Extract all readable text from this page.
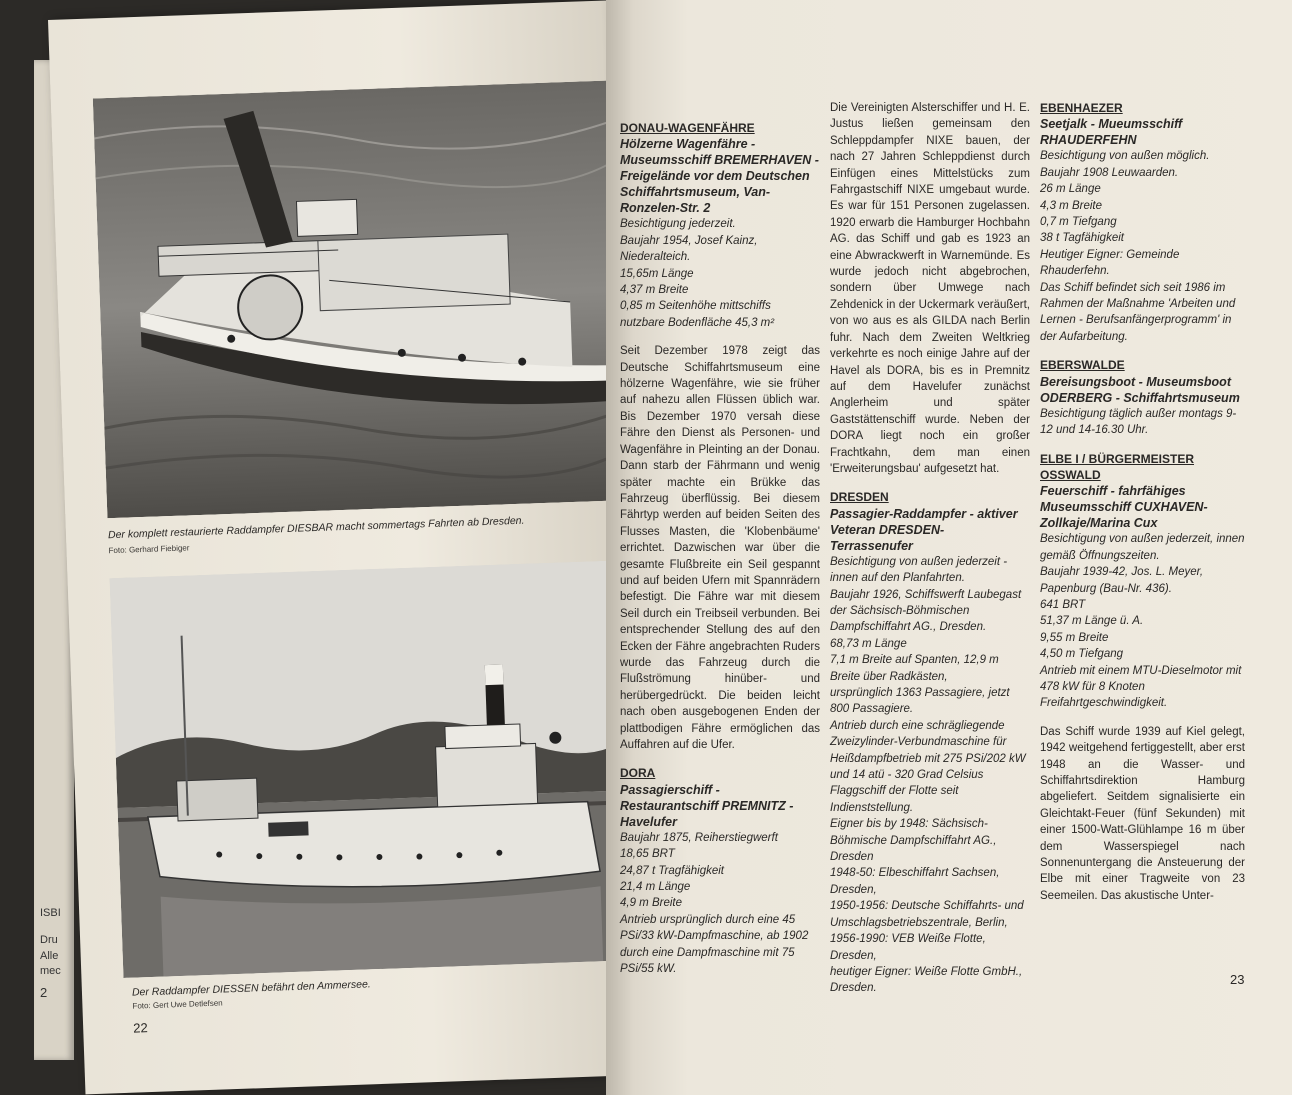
ISBI
Dru
Alle
mec
2
Der komplett restaurierte Raddampfer DIESBAR macht sommertags Fahrten ab Dresden.
Foto: Gerhard Fiebiger
Der Raddampfer DIESSEN befährt den Ammersee.
Foto: Gert Uwe Detlefsen
22

DONAU-WAGENFÄHRE

Hölzerne Wagenfähre - Museumsschiff BREMERHAVEN - Freigelände vor dem Deutschen Schiffahrtsmuseum, Van-Ronzelen-Str. 2

Besichtigung jederzeit.

Baujahr 1954, Josef Kainz, Niederalteich.

15,65m Länge

4,37 m Breite

0,85 m Seitenhöhe mittschiffs

nutzbare Bodenfläche 45,3 m²

Seit Dezember 1978 zeigt das Deutsche Schiffahrtsmuseum eine hölzerne Wagenfähre, wie sie früher auf nahezu allen Flüssen üblich war. Bis Dezember 1970 versah diese Fähre den Dienst als Personen- und Wagenfähre in Pleinting an der Donau. Dann starb der Fährmann und wenig später machte ein Brükke das Fahrzeug überflüssig. Bei diesem Fährtyp werden auf beiden Seiten des Flusses Masten, die 'Klobenbäume' errichtet. Dazwischen war über die gesamte Flußbreite ein Seil gespannt und auf beiden Ufern mit Spannrädern befestigt. Die Fähre war mit diesem Seil durch ein Treibseil verbunden. Bei entsprechender Stellung des auf den Ecken der Fähre angebrachten Ruders wurde das Fahrzeug durch die Flußströmung hinüber- und herübergedrückt. Die beiden leicht nach oben ausgebogenen Enden der plattbodigen Fähre ermöglichen das Auffahren auf die Ufer.

DORA

Passagierschiff - Restaurantschiff PREMNITZ - Havelufer

Baujahr 1875, Reiherstiegwerft

18,65 BRT

24,87 t Tragfähigkeit

21,4 m Länge

4,9 m Breite

Antrieb ursprünglich durch eine 45 PSi/33 kW-Dampfmaschine, ab 1902 durch eine Dampfmaschine mit 75 PSi/55 kW.

Die Vereinigten Alsterschiffer und H. E. Justus ließen gemeinsam den Schleppdampfer NIXE bauen, der nach 27 Jahren Schleppdienst durch Einfügen eines Mittelstücks zum Fahrgastschiff NIXE umgebaut wurde. Es war für 151 Personen zugelassen. 1920 erwarb die Hamburger Hochbahn AG. das Schiff und gab es 1923 an eine Abwrackwerft in Warnemünde. Es wurde jedoch nicht abgebrochen, sondern über Umwege nach Zehdenick in der Uckermark veräußert, von wo aus es als GILDA nach Berlin fuhr. Nach dem Zweiten Weltkrieg verkehrte es noch einige Jahre auf der Havel als DORA, bis es in Premnitz auf dem Havelufer zunächst Anglerheim und später Gaststättenschiff wurde. Neben der DORA liegt noch ein großer Frachtkahn, dem man einen 'Erweiterungsbau' aufgesetzt hat.

DRESDEN

Passagier-Raddampfer - aktiver Veteran DRESDEN- Terrassenufer

Besichtigung von außen jederzeit - innen auf den Planfahrten.

Baujahr 1926, Schiffswerft Laubegast der Sächsisch-Böhmischen Dampfschiffahrt AG., Dresden.

68,73 m Länge

7,1 m Breite auf Spanten, 12,9 m Breite über Radkästen,

ursprünglich 1363 Passagiere, jetzt 800 Passagiere.

Antrieb durch eine schrägliegende Zweizylinder-Verbundmaschine für Heißdampfbetrieb mit 275 PSi/202 kW und 14 atü - 320 Grad Celsius

Flaggschiff der Flotte seit Indienststellung.

Eigner bis by 1948: Sächsisch-Böhmische Dampfschiffahrt AG., Dresden

1948-50: Elbeschiffahrt Sachsen, Dresden,

1950-1956: Deutsche Schiffahrts- und Umschlagsbetriebszentrale, Berlin,

1956-1990: VEB Weiße Flotte, Dresden,

heutiger Eigner: Weiße Flotte GmbH., Dresden.

EBENHAEZER

Seetjalk - Mueumsschiff RHAUDERFEHN

Besichtigung von außen möglich.

Baujahr 1908 Leuwaarden.

26 m Länge

4,3 m Breite

0,7 m Tiefgang

38 t Tagfähigkeit

Heutiger Eigner: Gemeinde Rhauderfehn.

Das Schiff befindet sich seit 1986 im Rahmen der Maßnahme 'Arbeiten und Lernen - Berufsanfängerprogramm' in der Aufarbeitung.

EBERSWALDE

Bereisungsboot - Museumsboot ODERBERG - Schiffahrtsmuseum

Besichtigung täglich außer montags 9-12 und 14-16.30 Uhr.

ELBE I / BÜRGERMEISTER OSSWALD

Feuerschiff - fahrfähiges Museumsschiff CUXHAVEN- Zollkaje/Marina Cux

Besichtigung von außen jederzeit, innen gemäß Öffnungszeiten.

Baujahr 1939-42, Jos. L. Meyer, Papenburg (Bau-Nr. 436).

641 BRT

51,37 m Länge ü. A.

9,55 m Breite

4,50 m Tiefgang

Antrieb mit einem MTU-Dieselmotor mit 478 kW für 8 Knoten Freifahrtgeschwindigkeit.

Das Schiff wurde 1939 auf Kiel gelegt, 1942 weitgehend fertiggestellt, aber erst 1948 an die Wasser- und Schiffahrtsdirektion Hamburg abgeliefert. Seitdem signalisierte ein Gleichtakt-Feuer (fünf Sekunden) mit einer 1500-Watt-Glühlampe 16 m über dem Wasserspiegel nach Sonnenuntergang die Ansteuerung der Elbe mit einer Tragweite von 23 Seemeilen. Das akustische Unter-

23
